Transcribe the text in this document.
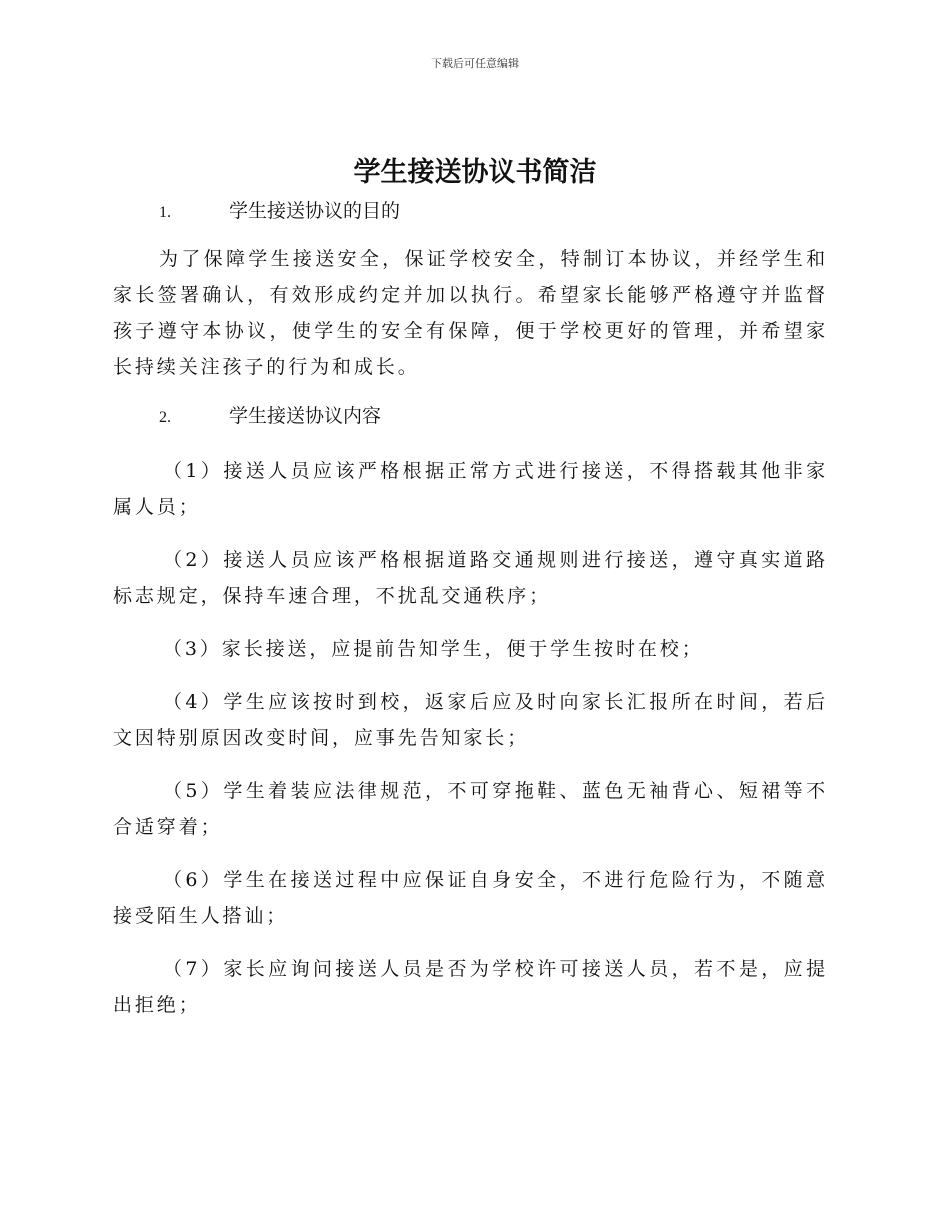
下载后可任意编辑
学生接送协议书简洁

1.	学生接送协议的目的

为了保障学生接送安全，保证学校安全，特制订本协议，并经学生和家长签署确认，有效形成约定并加以执行。希望家长能够严格遵守并监督孩子遵守本协议，使学生的安全有保障，便于学校更好的管理，并希望家长持续关注孩子的行为和成长。

2.	学生接送协议内容

（1）接送人员应该严格根据正常方式进行接送，不得搭载其他非家属人员；

（2）接送人员应该严格根据道路交通规则进行接送，遵守真实道路标志规定，保持车速合理，不扰乱交通秩序；

（3）家长接送，应提前告知学生，便于学生按时在校；

（4）学生应该按时到校，返家后应及时向家长汇报所在时间，若后文因特别原因改变时间，应事先告知家长；

（5）学生着装应法律规范，不可穿拖鞋、蓝色无袖背心、短裙等不合适穿着；

（6）学生在接送过程中应保证自身安全，不进行危险行为，不随意接受陌生人搭讪；

（7）家长应询问接送人员是否为学校许可接送人员，若不是，应提出拒绝；
